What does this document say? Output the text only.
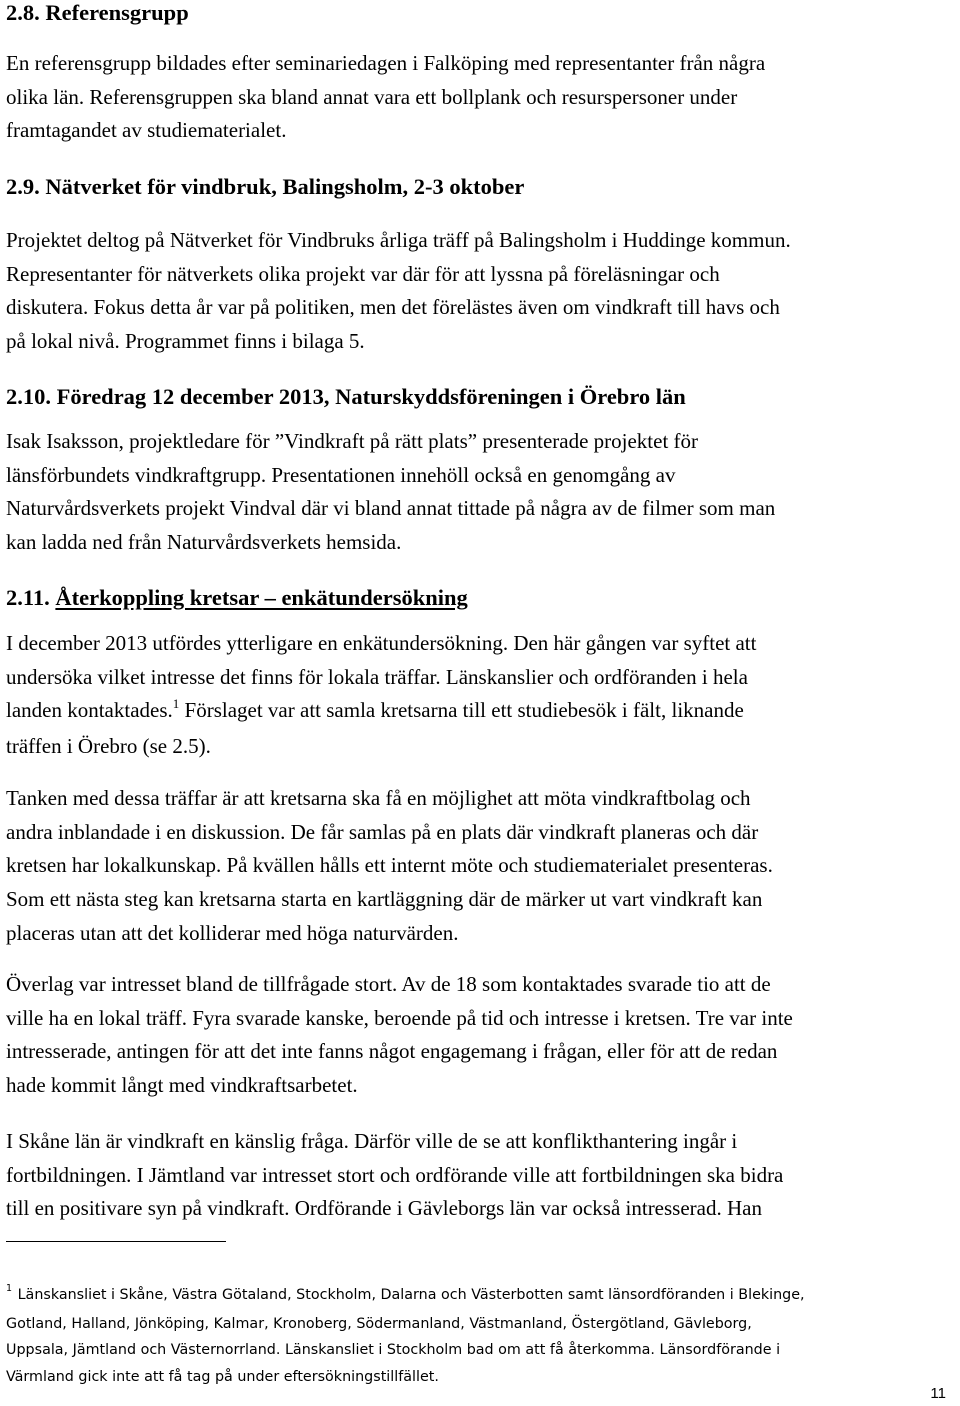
2.8. Referensgrupp
En referensgrupp bildades efter seminariedagen i Falköping med representanter från några
olika län. Referensgruppen ska bland annat vara ett bollplank och resurspersoner under
framtagandet av studiematerialet.
2.9. Nätverket för vindbruk, Balingsholm, 2-3 oktober
Projektet deltog på Nätverket för Vindbruks årliga träff på Balingsholm i Huddinge kommun.
Representanter för nätverkets olika projekt var där för att lyssna på föreläsningar och
diskutera. Fokus detta år var på politiken, men det förelästes även om vindkraft till havs och
på lokal nivå. Programmet finns i bilaga 5.
2.10. Föredrag 12 december 2013, Naturskyddsföreningen i Örebro län
Isak Isaksson, projektledare för ”Vindkraft på rätt plats” presenterade projektet för
länsförbundets vindkraftgrupp. Presentationen innehöll också en genomgång av
Naturvårdsverkets projekt Vindval där vi bland annat tittade på några av de filmer som man
kan ladda ned från Naturvårdsverkets hemsida.
2.11. Återkoppling kretsar – enkätundersökning
I december 2013 utfördes ytterligare en enkätundersökning. Den här gången var syftet att
undersöka vilket intresse det finns för lokala träffar. Länskanslier och ordföranden i hela
landen kontaktades.$^1$ Förslaget var att samla kretsarna till ett studiebesök i fält, liknande
träffen i Örebro (se 2.5).
Tanken med dessa träffar är att kretsarna ska få en möjlighet att möta vindkraftbolag och
andra inblandade i en diskussion. De får samlas på en plats där vindkraft planeras och där
kretsen har lokalkunskap. På kvällen hålls ett internt möte och studiematerialet presenteras.
Som ett nästa steg kan kretsarna starta en kartläggning där de märker ut vart vindkraft kan
placeras utan att det kolliderar med höga naturvärden.
Överlag var intresset bland de tillfrågade stort. Av de 18 som kontaktades svarade tio att de
ville ha en lokal träff. Fyra svarade kanske, beroende på tid och intresse i kretsen. Tre var inte
intresserade, antingen för att det inte fanns något engagemang i frågan, eller för att de redan
hade kommit långt med vindkraftsarbetet.
I Skåne län är vindkraft en känslig fråga. Därför ville de se att konflikthantering ingår i
fortbildningen. I Jämtland var intresset stort och ordförande ville att fortbildningen ska bidra
till en positivare syn på vindkraft. Ordförande i Gävleborgs län var också intresserad. Han
$^1$ Länskansliet i Skåne, Västra Götaland, Stockholm, Dalarna och Västerbotten samt länsordföranden i Blekinge,
Gotland, Halland, Jönköping, Kalmar, Kronoberg, Södermanland, Västmanland, Östergötland, Gävleborg,
Uppsala, Jämtland och Västernorrland. Länskansliet i Stockholm bad om att få återkomma. Länsordförande i
Värmland gick inte att få tag på under eftersökningstillfället.
11
